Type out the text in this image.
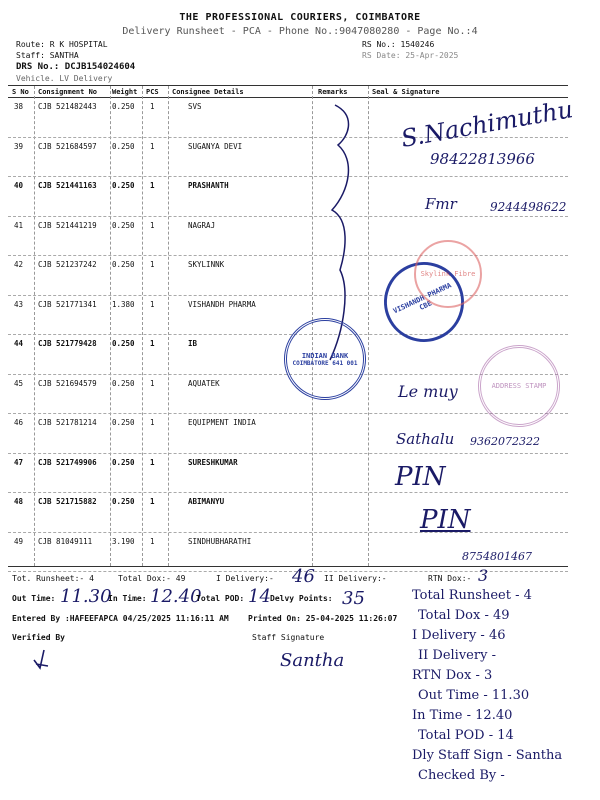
THE PROFESSIONAL COURIERS, COIMBATORE
Delivery Runsheet - PCA - Phone No.:9047080280 - Page No.:4
Route: R K HOSPITAL
Staff: SANTHA
DRS No.: DCJB154024604
Vehicle. LV Delivery
RS No.: 1540246
RS Date: 25-Apr-2025
S No Consignment No Weight PCS Consignee Details	Remarks	Seal & Signature
38 CJB 521482443 0.250 1	SVS
39 CJB 521684597 0.250 1	SUGANYA DEVI
40 CJB 521441163 0.250 1	PRASHANTH
41 CJB 521441219 0.250 1	NAGRAJ
42 CJB 521237242 0.250 1	SKYLINNK
43 CJB 521771341 1.380 1	VISHANDH PHARMA
44 CJB 521779428 0.250 1	IB
45 CJB 521694579 0.250 1	AQUATEK
46 CJB 521781214 0.250 1	EQUIPMENT INDIA
47 CJB 521749906 0.250 1	SURESHKUMAR
48 CJB 521715882 0.250 1	ABIMANYU
49 CJB 81049111	3.190 1	SINDHUBHARATHI
S.Nachimuthu
98422813966
Fmr	9244498622
Le muy
Sathalu 9362072322
PIN
PIN
8754801467
INDIAN BANK
COIMBATORE 641 001
VISHANDH PHARMA CBE
Skylink Fibre
ADDRESS STAMP
Tot. Runsheet:- 4	Total Dox:- 49	I Delivery:- 46 II Delivery:-	RTN Dox:- 3
Out Time: 11.30
In Time: 12.40
Total POD: 14 Delvy Points: 35
Entered By :HAFEEFAPCA 04/25/2025 11:16:11 AM Printed On: 25-04-2025 11:26:07
Verified By	Staff Signature
Santha
Total Runsheet - 4
Total Dox - 49
I Delivery - 46
II Delivery -
RTN Dox - 3
Out Time - 11.30
In Time - 12.40
Total POD - 14
Dly Staff Sign - Santha
Checked By -
